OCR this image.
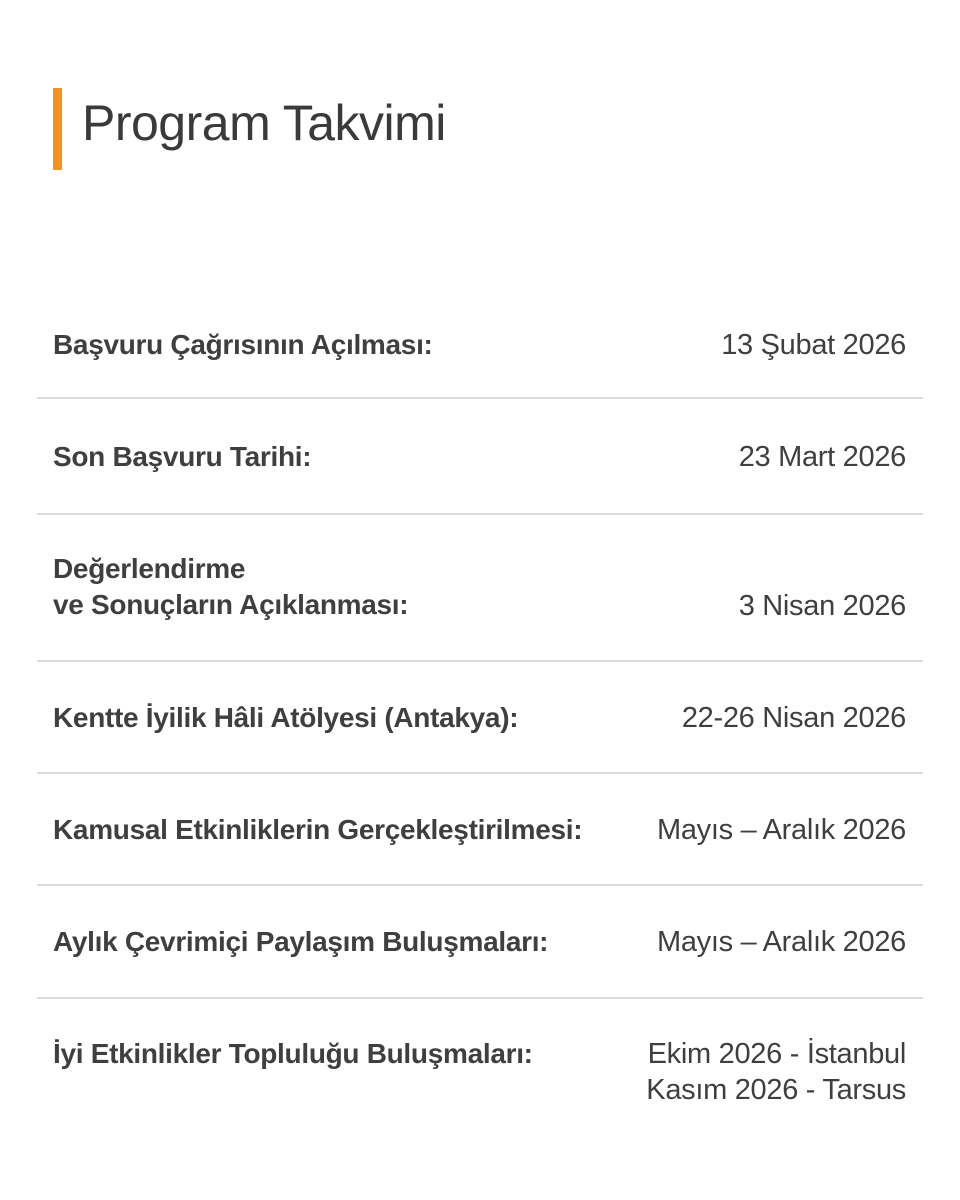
Program Takvimi
Başvuru Çağrısının Açılması:	13 Şubat 2026
Son Başvuru Tarihi:	23 Mart 2026
Değerlendirme
ve Sonuçların Açıklanması:	3 Nisan 2026
Kentte İyilik Hâli Atölyesi (Antakya):	22-26 Nisan 2026
Kamusal Etkinliklerin Gerçekleştirilmesi:	Mayıs – Aralık 2026
Aylık Çevrimiçi Paylaşım Buluşmaları:	Mayıs – Aralık 2026
İyi Etkinlikler Topluluğu Buluşmaları:	Ekim 2026 - İstanbul
Kasım 2026 - Tarsus
